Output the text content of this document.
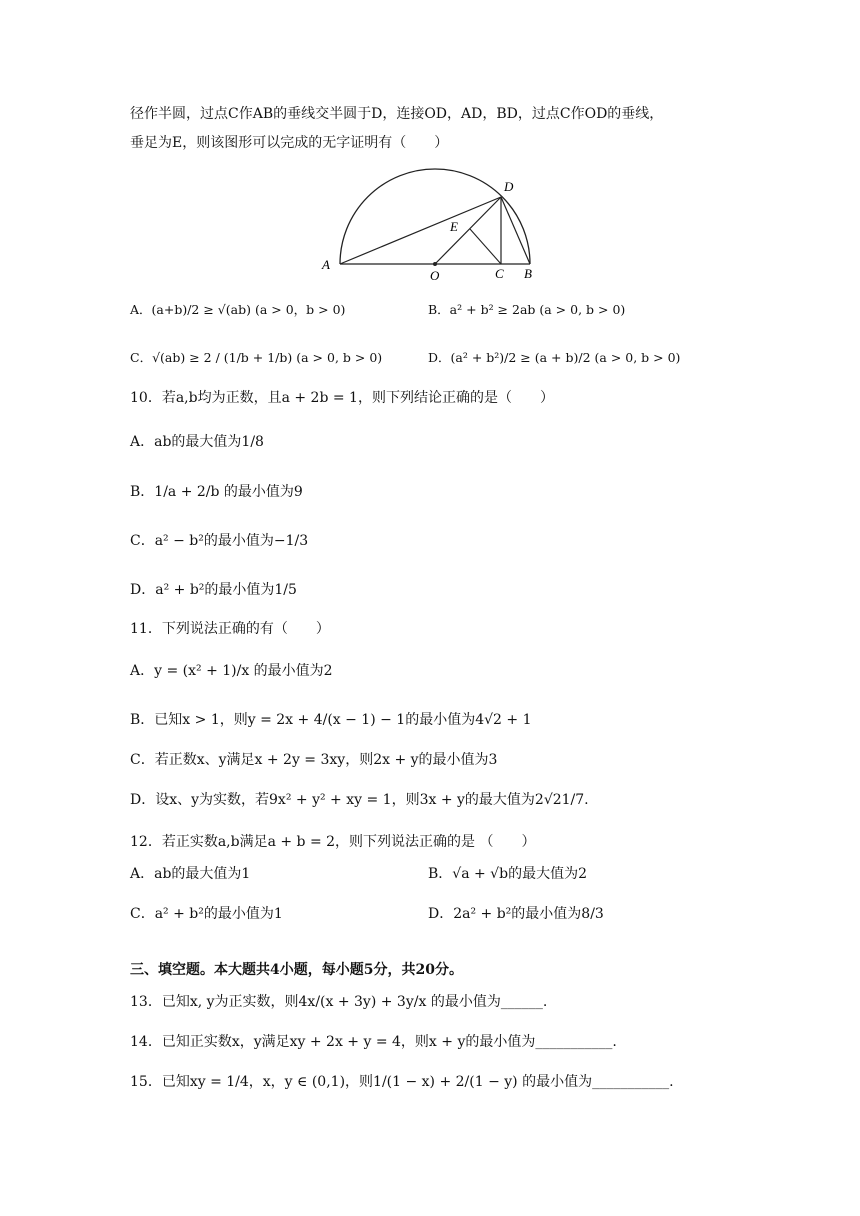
径作半圆，过点C作AB的垂线交半圆于D，连接OD，AD，BD，过点C作OD的垂线，
垂足为E，则该图形可以完成的无字证明有（　　）
A
O	C B
D
E
A．(a+b)/2 ≥ √(ab) (a > 0，b > 0)	B．a² + b² ≥ 2ab (a > 0, b > 0)
C．√(ab) ≥ 2 / (1/b + 1/b) (a > 0, b > 0)	D．(a² + b²)/2 ≥ (a + b)/2 (a > 0, b > 0)
10．若a,b均为正数，且a + 2b = 1，则下列结论正确的是（　　）
A．ab的最大值为1/8
B．1/a + 2/b 的最小值为9
C．a² − b²的最小值为−1/3
D．a² + b²的最小值为1/5
11．下列说法正确的有（　　）
A．y = (x² + 1)/x 的最小值为2
B．已知x > 1，则y = 2x + 4/(x − 1) − 1的最小值为4√2 + 1
C．若正数x、y满足x + 2y = 3xy，则2x + y的最小值为3
D．设x、y为实数，若9x² + y² + xy = 1，则3x + y的最大值为2√21/7.
12．若正实数a,b满足a + b = 2，则下列说法正确的是 （　　）
A．ab的最大值为1	B．√a + √b的最大值为2
C．a² + b²的最小值为1	D．2a² + b²的最小值为8/3
三、填空题。本大题共4小题，每小题5分，共20分。
13．已知x, y为正实数，则4x/(x + 3y) + 3y/x 的最小值为______.
14．已知正实数x，y满足xy + 2x + y = 4，则x + y的最小值为___________.
15．已知xy = 1/4，x，y ∈ (0,1)，则1/(1 − x) + 2/(1 − y) 的最小值为___________.
